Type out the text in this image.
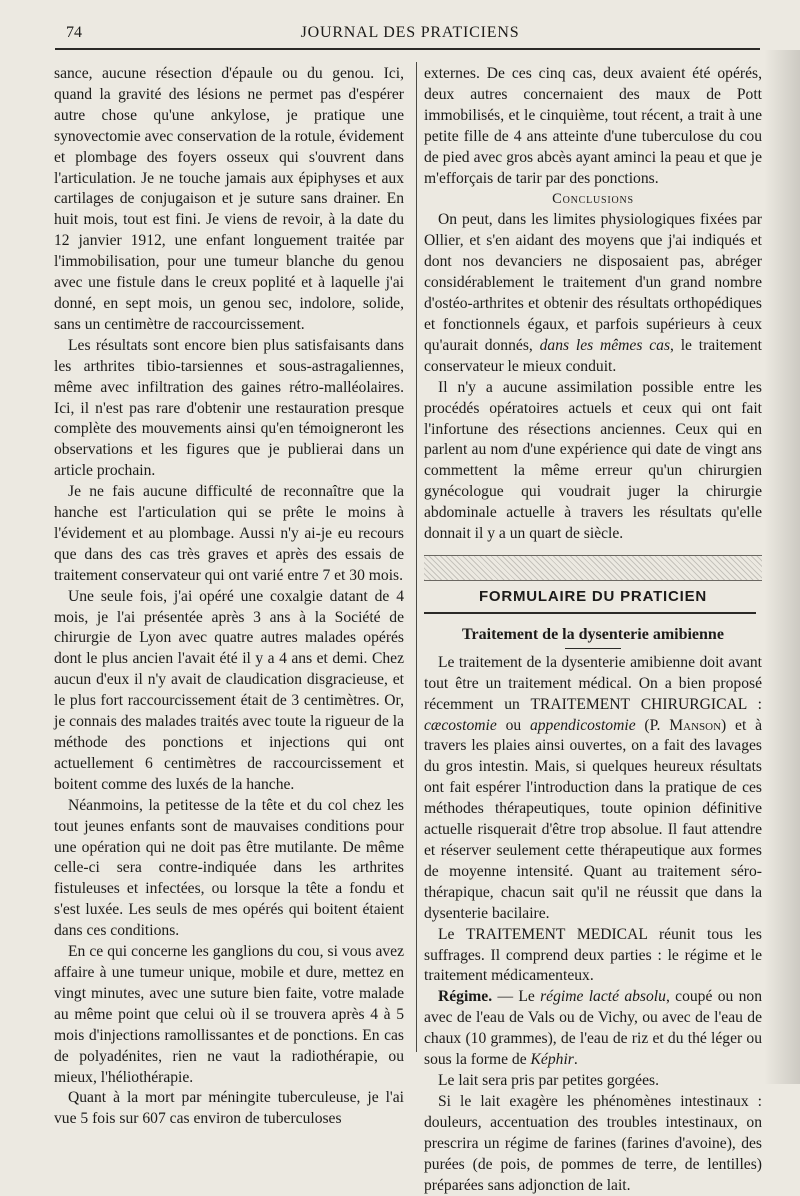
74	JOURNAL DES PRATICIENS

sance, aucune résection d'épaule ou du genou. Ici, quand la gravité des lésions ne permet pas d'espérer autre chose qu'une ankylose, je pratique une synovectomie avec conservation de la rotule, évidement et plombage des foyers osseux qui s'ouvrent dans l'articulation. Je ne touche jamais aux épiphyses et aux cartilages de conjugaison et je suture sans drainer. En huit mois, tout est fini. Je viens de revoir, à la date du 12 janvier 1912, une enfant longuement traitée par l'immobilisation, pour une tumeur blanche du genou avec une fistule dans le creux poplité et à laquelle j'ai donné, en sept mois, un genou sec, indolore, solide, sans un centimètre de raccourcissement.

Les résultats sont encore bien plus satisfaisants dans les arthrites tibio-tarsiennes et sous-astragaliennes, même avec infiltration des gaines rétro-malléolaires. Ici, il n'est pas rare d'obtenir une restauration presque complète des mouvements ainsi qu'en témoigneront les observations et les figures que je publierai dans un article prochain.

Je ne fais aucune difficulté de reconnaître que la hanche est l'articulation qui se prête le moins à l'évidement et au plombage. Aussi n'y ai-je eu recours que dans des cas très graves et après des essais de traitement conservateur qui ont varié entre 7 et 30 mois.

Une seule fois, j'ai opéré une coxalgie datant de 4 mois, je l'ai présentée après 3 ans à la Société de chirurgie de Lyon avec quatre autres malades opérés dont le plus ancien l'avait été il y a 4 ans et demi. Chez aucun d'eux il n'y avait de claudication disgracieuse, et le plus fort raccourcissement était de 3 centimètres. Or, je connais des malades traités avec toute la rigueur de la méthode des ponctions et injections qui ont actuellement 6 centimètres de raccourcissement et boitent comme des luxés de la hanche.

Néanmoins, la petitesse de la tête et du col chez les tout jeunes enfants sont de mauvaises conditions pour une opération qui ne doit pas être mutilante. De même celle-ci sera contre-indiquée dans les arthrites fistuleuses et infectées, ou lorsque la tête a fondu et s'est luxée. Les seuls de mes opérés qui boitent étaient dans ces conditions.

En ce qui concerne les ganglions du cou, si vous avez affaire à une tumeur unique, mobile et dure, mettez en vingt minutes, avec une suture bien faite, votre malade au même point que celui où il se trouvera après 4 à 5 mois d'injections ramollissantes et de ponctions. En cas de polyadénites, rien ne vaut la radiothérapie, ou mieux, l'héliothérapie.

Quant à la mort par méningite tuberculeuse, je l'ai vue 5 fois sur 607 cas environ de tuberculoses

externes. De ces cinq cas, deux avaient été opérés, deux autres concernaient des maux de Pott immobilisés, et le cinquième, tout récent, a trait à une petite fille de 4 ans atteinte d'une tuberculose du cou de pied avec gros abcès ayant aminci la peau et que je m'efforçais de tarir par des ponctions.

Conclusions

On peut, dans les limites physiologiques fixées par Ollier, et s'en aidant des moyens que j'ai indiqués et dont nos devanciers ne disposaient pas, abréger considérablement le traitement d'un grand nombre d'ostéo-arthrites et obtenir des résultats orthopédiques et fonctionnels égaux, et parfois supérieurs à ceux qu'aurait donnés, dans les mêmes cas, le traitement conservateur le mieux conduit.

Il n'y a aucune assimilation possible entre les procédés opératoires actuels et ceux qui ont fait l'infortune des résections anciennes. Ceux qui en parlent au nom d'une expérience qui date de vingt ans commettent la même erreur qu'un chirurgien gynécologue qui voudrait juger la chirurgie abdominale actuelle à travers les résultats qu'elle donnait il y a un quart de siècle.

FORMULAIRE DU PRATICIEN
Traitement de la dysenterie amibienne

Le traitement de la dysenterie amibienne doit avant tout être un traitement médical. On a bien proposé récemment un TRAITEMENT CHIRURGICAL : cæcostomie ou appendicostomie (P. Manson) et à travers les plaies ainsi ouvertes, on a fait des lavages du gros intestin. Mais, si quelques heureux résultats ont fait espérer l'introduction dans la pratique de ces méthodes thérapeutiques, toute opinion définitive actuelle risquerait d'être trop absolue. Il faut attendre et réserver seulement cette thérapeutique aux formes de moyenne intensité. Quant au traitement séro-thérapique, chacun sait qu'il ne réussit que dans la dysenterie bacilaire.

Le TRAITEMENT MEDICAL réunit tous les suffrages. Il comprend deux parties : le régime et le traitement médicamenteux.

Régime. — Le régime lacté absolu, coupé ou non avec de l'eau de Vals ou de Vichy, ou avec de l'eau de chaux (10 grammes), de l'eau de riz et du thé léger ou sous la forme de Képhir.

Le lait sera pris par petites gorgées.

Si le lait exagère les phénomènes intestinaux : douleurs, accentuation des troubles intestinaux, on prescrira un régime de farines (farines d'avoine), des purées (de pois, de pommes de terre, de lentilles) préparées sans adjonction de lait.
